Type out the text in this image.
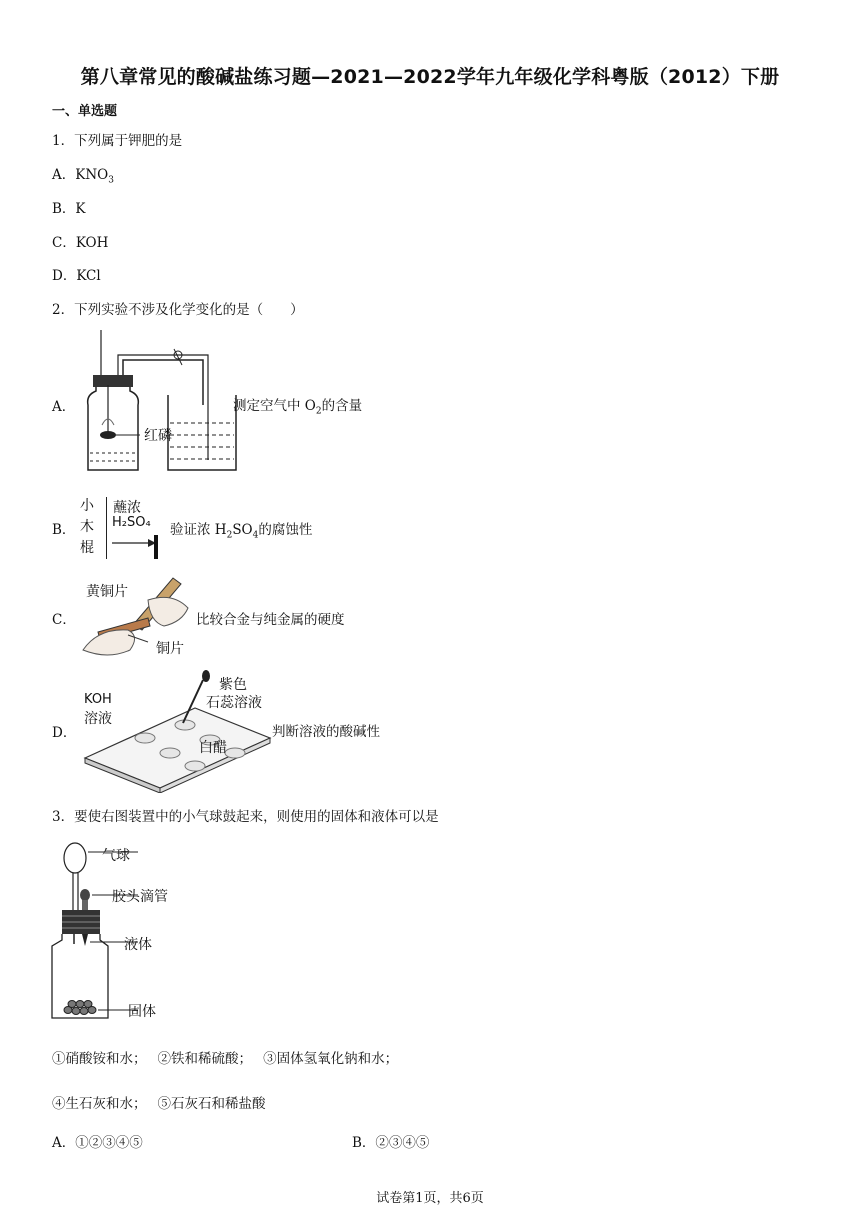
第八章常见的酸碱盐练习题—2021—2022学年九年级化学科粤版（2012）下册
一、单选题
1．下列属于钾肥的是
A．$KNO_3$
B．K
C．KOH
D．KCl
2．下列实验不涉及化学变化的是（　　）
A．
红磷
测定空气中 $O_2$的含量
B．
小
木
棍
蘸浓
H₂SO₄ 验证浓 $H_2SO_4$的腐蚀性
C．
黄铜片
铜片
比较合金与纯金属的硬度
D．
KOH
溶液
紫色
石蕊溶液
白醋
判断溶液的酸碱性
3．要使右图装置中的小气球鼓起来，则使用的固体和液体可以是
气球
胶头滴管
液体
固体
①硝酸铵和水；　 ②铁和稀硫酸；　 ③固体氢氧化钠和水；
④生石灰和水；　 ⑤石灰石和稀盐酸
A．①②③④⑤	B．②③④⑤
试卷第1页，共6页
